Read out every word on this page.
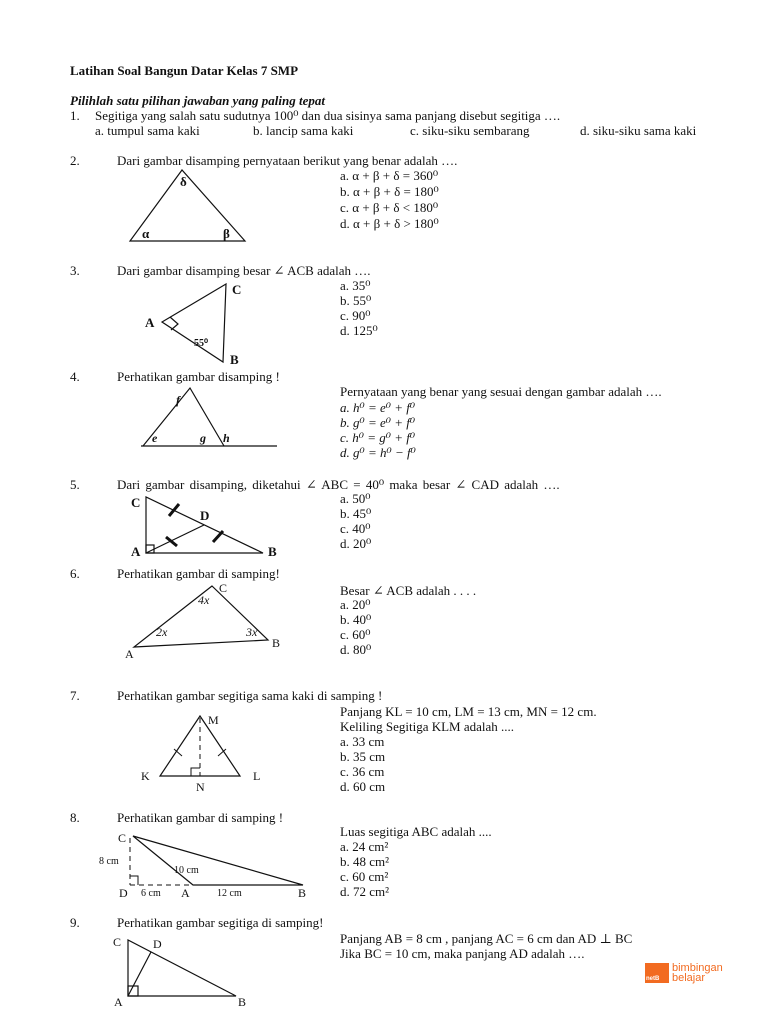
δ
α	β
C
A
B
55⁰
f
e	g h
C
D
A	B
C
4x
2x	3x
A
B
M
K	L
N
C
8 cm
10 cm
D 6 cm A	12 cm	B
C	D
A	B
Latihan Soal Bangun Datar Kelas 7 SMP
Pilihlah satu pilihan jawaban yang paling tepat
1. Segitiga yang salah satu sudutnya 100⁰ dan dua sisinya sama panjang disebut segitiga ….
a. tumpul sama kaki	b. lancip sama kaki	c. siku-siku sembarang	d. siku-siku sama kaki
2.	Dari gambar disamping pernyataan berikut yang benar adalah ….
a. α + β + δ = 360⁰
b. α + β + δ = 180⁰
c. α + β + δ < 180⁰
d. α + β + δ > 180⁰
3.	Dari gambar disamping besar ∠ ACB adalah ….
a. 35⁰
b. 55⁰
c. 90⁰
d. 125⁰
4.	Perhatikan gambar disamping !
Pernyataan yang benar yang sesuai dengan gambar adalah ….
a. h⁰ = e⁰ + f⁰
b. g⁰ = e⁰ + f⁰
c. h⁰ = g⁰ + f⁰
d. g⁰ = h⁰ − f⁰
5.	Dari gambar disamping, diketahui ∠ ABC = 40⁰ maka besar ∠ CAD adalah ….
a. 50⁰
b. 45⁰
c. 40⁰
d. 20⁰
6.	Perhatikan gambar di samping!
Besar ∠ ACB adalah . . . .
a. 20⁰
b. 40⁰
c. 60⁰
d. 80⁰
7.	Perhatikan gambar segitiga sama kaki di samping !
Panjang KL = 10 cm, LM = 13 cm, MN = 12 cm.
Keliling Segitiga KLM adalah ....
a. 33 cm
b. 35 cm
c. 36 cm
d. 60 cm
8.	Perhatikan gambar di samping !
Luas segitiga ABC adalah ....
a. 24 cm²
b. 48 cm²
c. 60 cm²
d. 72 cm²
9.	Perhatikan gambar segitiga di samping!
Panjang AB = 8 cm , panjang AC = 6 cm dan AD ⊥ BC
Jika BC = 10 cm, maka panjang AD adalah ….
netB
bimbingan
belajar
